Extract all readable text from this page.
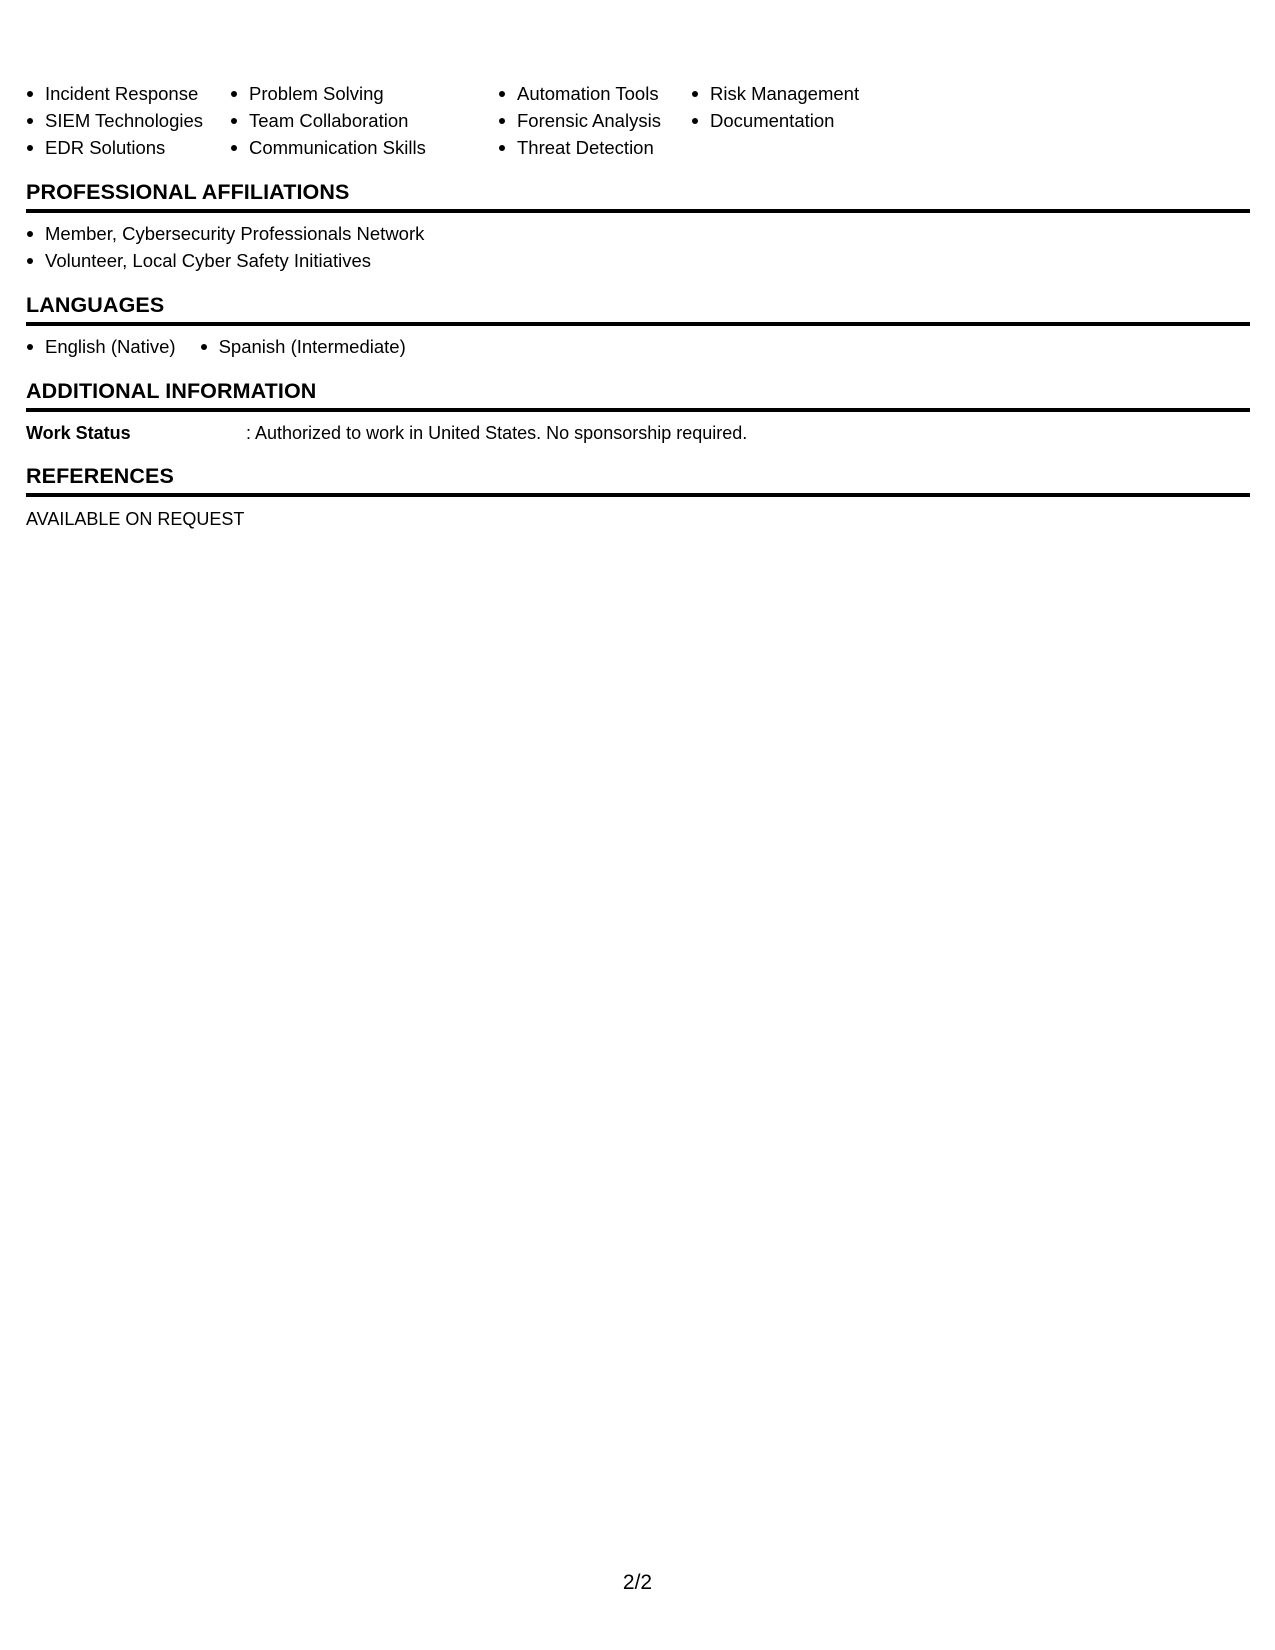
Incident Response
SIEM Technologies
EDR Solutions
Problem Solving
Team Collaboration
Communication Skills
Automation Tools
Forensic Analysis
Threat Detection
Risk Management
Documentation
PROFESSIONAL AFFILIATIONS
Member, Cybersecurity Professionals Network
Volunteer, Local Cyber Safety Initiatives
LANGUAGES
English (Native)	Spanish (Intermediate)
ADDITIONAL INFORMATION
Work Status	: Authorized to work in United States. No sponsorship required.
REFERENCES
AVAILABLE ON REQUEST
2/2
